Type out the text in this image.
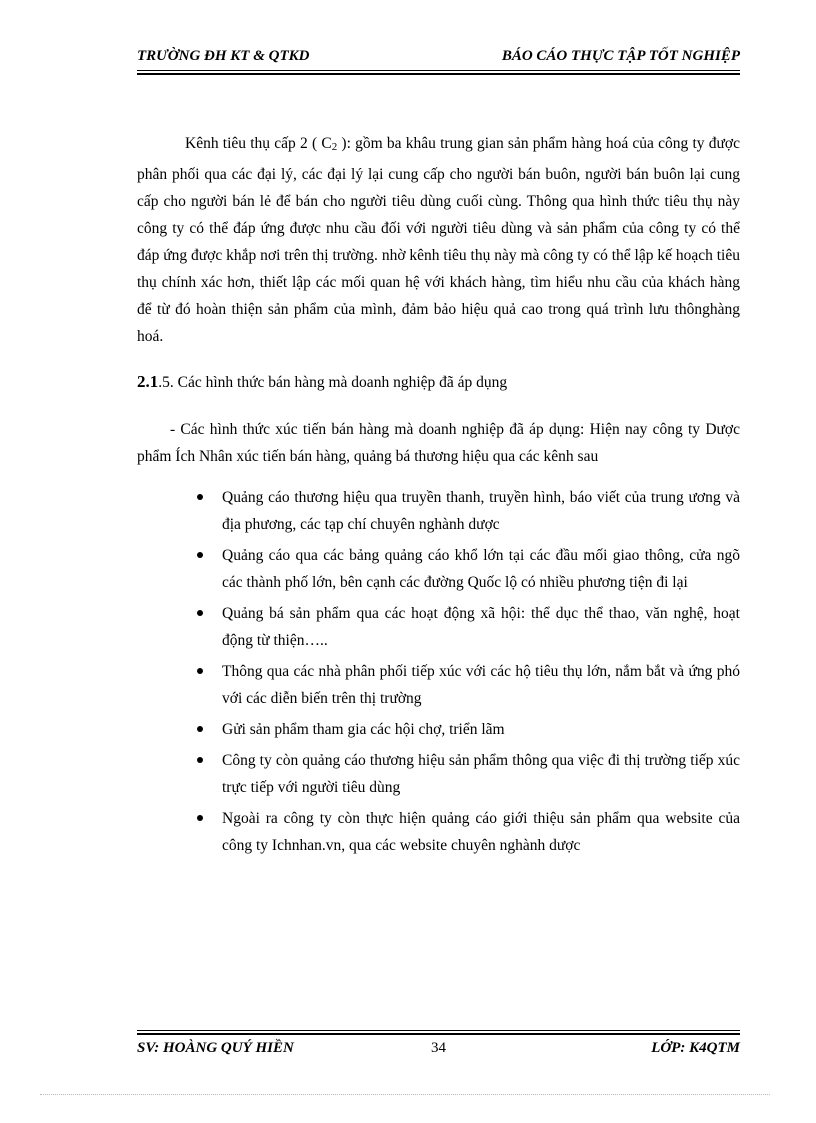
TRƯỜNG ĐH KT & QTKD	BÁO CÁO THỰC TẬP TỐT NGHIỆP

Kênh tiêu thụ cấp 2 ( $C_2$ ): gồm ba khâu trung gian sản phẩm hàng hoá của công ty được phân phối qua các đại lý, các đại lý lại cung cấp cho người bán buôn, người bán buôn lại cung cấp cho người bán lẻ để bán cho người tiêu dùng cuối cùng. Thông qua hình thức tiêu thụ này công ty có thể đáp ứng được nhu cầu đối với người tiêu dùng và sản phẩm của công ty có thể đáp ứng được khắp nơi trên thị trường. nhờ kênh tiêu thụ này mà công ty có thể lập kế hoạch tiêu thụ chính xác hơn, thiết lập các mối quan hệ với khách hàng, tìm hiểu nhu cầu của khách hàng để từ đó hoàn thiện sản phẩm của mình, đảm bảo hiệu quả cao trong quá trình lưu thônghàng hoá.

2.1.5. Các hình thức bán hàng mà doanh nghiệp đã áp dụng

- Các hình thức xúc tiến bán hàng mà doanh nghiệp đã áp dụng: Hiện nay công ty Dược phẩm Ích Nhân xúc tiến bán hàng, quảng bá thương hiệu qua các kênh sau

Quảng cáo thương hiệu qua truyền thanh, truyền hình, báo viết của trung ương và địa phương, các tạp chí chuyên nghành dược
Quảng cáo qua các bảng quảng cáo khổ lớn tại các đầu mối giao thông, cửa ngõ các thành phố lớn, bên cạnh các đường Quốc lộ có nhiều phương tiện đi lại
Quảng bá sản phẩm qua các hoạt động xã hội: thể dục thể thao, văn nghệ, hoạt động từ thiện…..
Thông qua các nhà phân phối tiếp xúc với các hộ tiêu thụ lớn, nắm bắt và ứng phó với các diễn biến trên thị trường
Gửi sản phẩm tham gia các hội chợ, triển lãm
Công ty còn quảng cáo thương hiệu sản phẩm thông qua việc đi thị trường tiếp xúc trực tiếp với người tiêu dùng
Ngoài ra công ty còn thực hiện quảng cáo giới thiệu sản phẩm qua website của công ty Ichnhan.vn, qua các website chuyên nghành dược
SV: HOÀNG QUÝ HIỀN	34	LỚP: K4QTM
